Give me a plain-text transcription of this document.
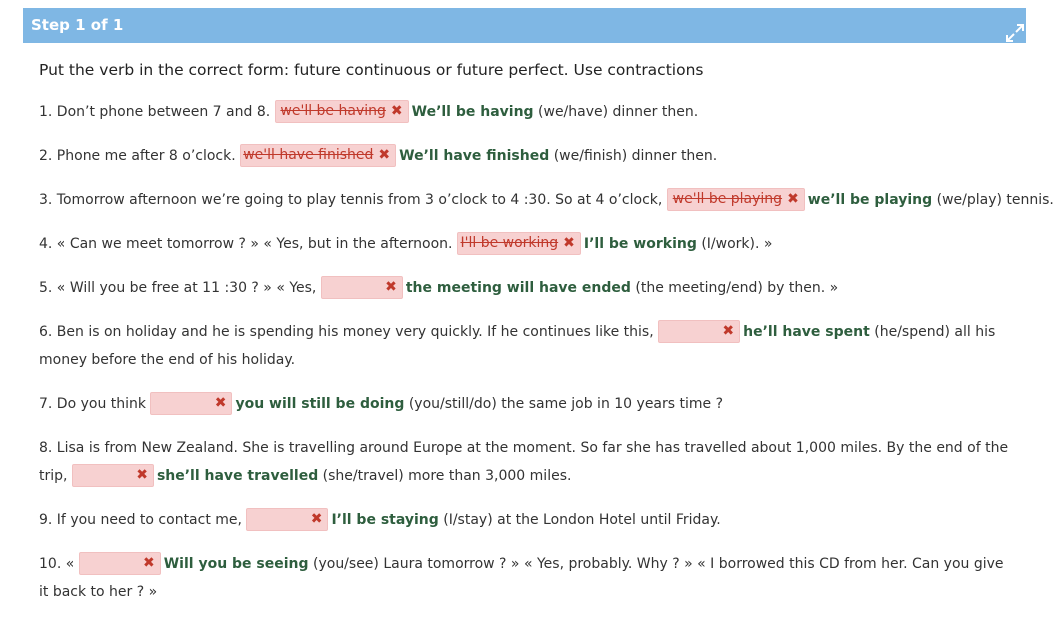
Step 1 of 1
Put the verb in the correct form: future continuous or future perfect. Use contractions
1. Don’t phone between 7 and 8. we'll be having ✖ We’ll be having (we/have) dinner then.
2. Phone me after 8 o’clock. we'll have finished ✖ We’ll have finished (we/finish) dinner then.
3. Tomorrow afternoon we’re going to play tennis from 3 o’clock to 4 :30. So at 4 o’clock, we'll be playing ✖ we’ll be playing (we/play) tennis.
4. « Can we meet tomorrow ? » « Yes, but in the afternoon. I'll be working ✖ I’ll be working (I/work). »
5. « Will you be free at 11 :30 ? » « Yes,	✖ the meeting will have ended (the meeting/end) by then. »
6. Ben is on holiday and he is spending his money very quickly. If he continues like this,	✖ he’ll have spent (he/spend) all his money before the end of his holiday.
7. Do you think	✖ you will still be doing (you/still/do) the same job in 10 years time ?
8. Lisa is from New Zealand. She is travelling around Europe at the moment. So far she has travelled about 1,000 miles. By the end of the trip,	✖ she’ll have travelled (she/travel) more than 3,000 miles.
9. If you need to contact me,	✖ I’ll be staying (I/stay) at the London Hotel until Friday.
10. «	✖ Will you be seeing (you/see) Laura tomorrow ? » « Yes, probably. Why ? » « I borrowed this CD from her. Can you give it back to her ? »
